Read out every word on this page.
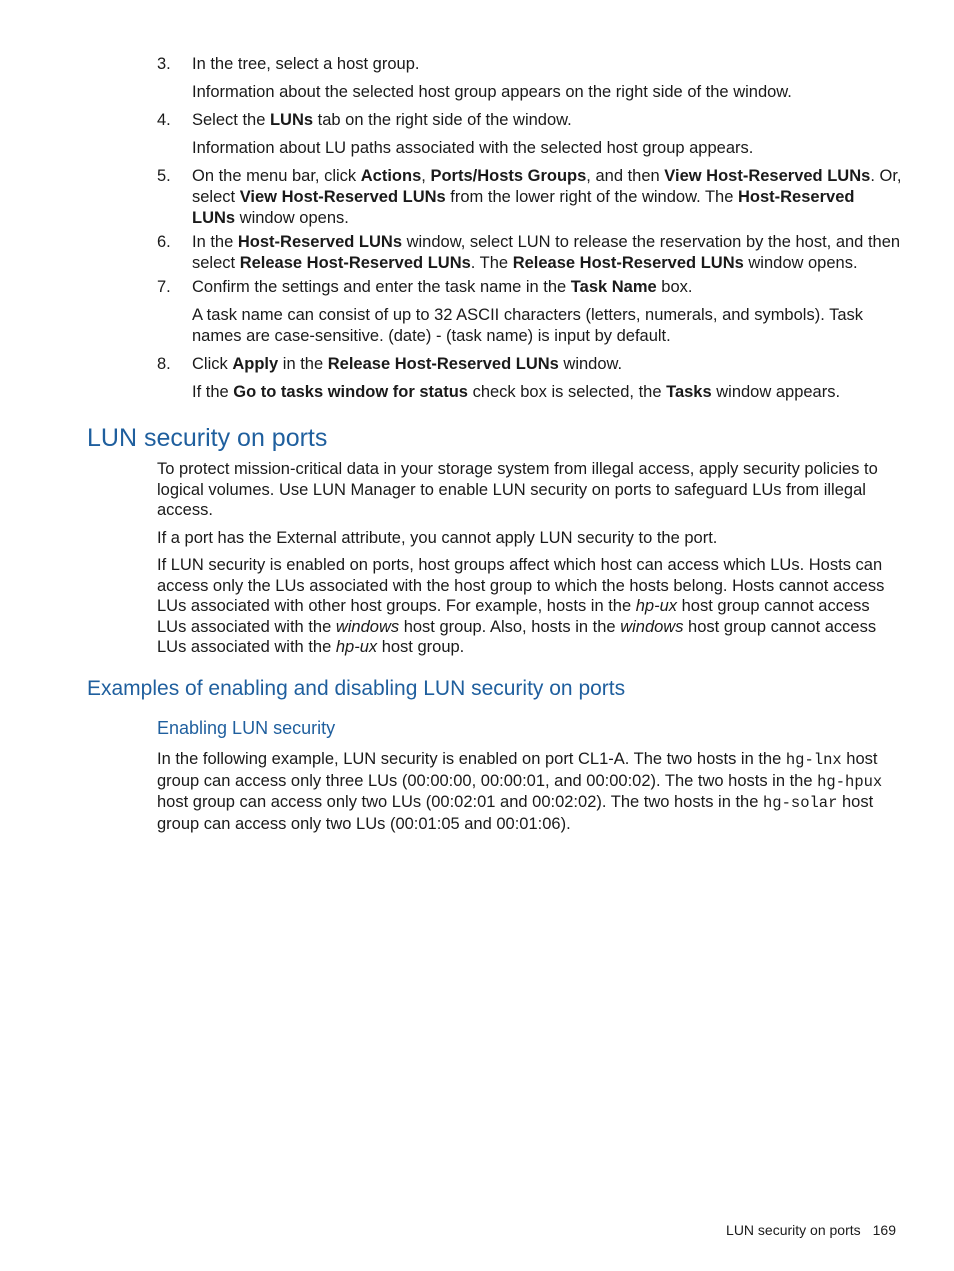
3.	In the tree, select a host group.
Information about the selected host group appears on the right side of the window.
4.	Select the LUNs tab on the right side of the window.
Information about LU paths associated with the selected host group appears.
5.	On the menu bar, click Actions, Ports/Hosts Groups, and then View Host-Reserved LUNs. Or, select View Host-Reserved LUNs from the lower right of the window. The Host-Reserved LUNs window opens.
6.	In the Host-Reserved LUNs window, select LUN to release the reservation by the host, and then select Release Host-Reserved LUNs. The Release Host-Reserved LUNs window opens.
7.	Confirm the settings and enter the task name in the Task Name box.
A task name can consist of up to 32 ASCII characters (letters, numerals, and symbols). Task names are case-sensitive. (date) - (task name) is input by default.
8.	Click Apply in the Release Host-Reserved LUNs window.
If the Go to tasks window for status check box is selected, the Tasks window appears.
LUN security on ports

To protect mission-critical data in your storage system from illegal access, apply security policies to logical volumes. Use LUN Manager to enable LUN security on ports to safeguard LUs from illegal access.

If a port has the External attribute, you cannot apply LUN security to the port.

If LUN security is enabled on ports, host groups affect which host can access which LUs. Hosts can access only the LUs associated with the host group to which the hosts belong. Hosts cannot access LUs associated with other host groups. For example, hosts in the hp-ux host group cannot access LUs associated with the windows host group. Also, hosts in the windows host group cannot access LUs associated with the hp-ux host group.

Examples of enabling and disabling LUN security on ports
Enabling LUN security

In the following example, LUN security is enabled on port CL1-A. The two hosts in the hg-lnx host group can access only three LUs (00:00:00, 00:00:01, and 00:00:02). The two hosts in the hg-hpux host group can access only two LUs (00:02:01 and 00:02:02). The two hosts in the hg-solar host group can access only two LUs (00:01:05 and 00:01:06).

LUN security on ports 169
